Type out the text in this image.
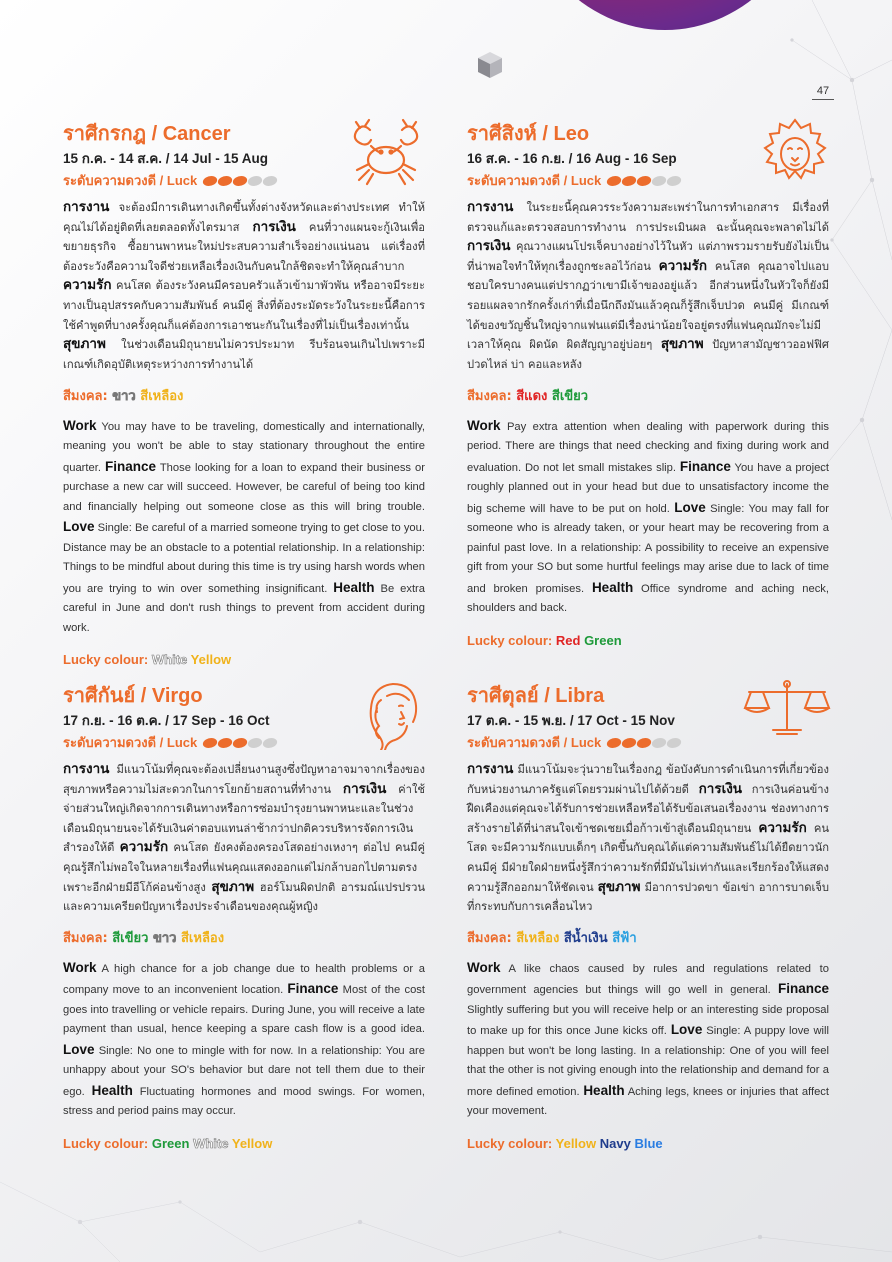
47
ราศีกรกฎ / Cancer
15 ก.ค. - 14 ส.ค. / 14 Jul - 15 Aug
ระดับความดวงดี / Luck

การงาน จะต้องมีการเดินทางเกิดขึ้นทั้งต่างจังหวัดและต่างประเทศ ทำให้คุณไม่ได้อยู่ติดที่เลยตลอดทั้งไตรมาส การเงิน คนที่วางแผนจะกู้เงินเพื่อขยายธุรกิจ ซื้อยานพาหนะใหม่ประสบความสำเร็จอย่างแน่นอน แต่เรื่องที่ต้องระวังคือความใจดีช่วยเหลือเรื่องเงินกับคนใกล้ชิดจะทำให้คุณลำบาก ความรัก คนโสด ต้องระวังคนมีครอบครัวแล้วเข้ามาพัวพัน หรืออาจมีระยะทางเป็นอุปสรรคกับความสัมพันธ์ คนมีคู่ สิ่งที่ต้องระมัดระวังในระยะนี้คือการใช้คำพูดที่บางครั้งคุณก็แค่ต้องการเอาชนะกันในเรื่องที่ไม่เป็นเรื่องเท่านั้น สุขภาพ ในช่วงเดือนมิถุนายนไม่ควรประมาท รีบร้อนจนเกินไปเพราะมีเกณฑ์เกิดอุบัติเหตุระหว่างการทำงานได้

สีมงคล: ขาว สีเหลือง

Work You may have to be traveling, domestically and internationally, meaning you won't be able to stay stationary throughout the entire quarter. Finance Those looking for a loan to expand their business or purchase a new car will succeed. However, be careful of being too kind and financially helping out someone close as this will bring trouble. Love Single: Be careful of a married someone trying to get close to you. Distance may be an obstacle to a potential relationship. In a relationship: Things to be mindful about during this time is try using harsh words when you are trying to win over something insignificant. Health Be extra careful in June and don't rush things to prevent from accident during work.

Lucky colour: White Yellow
ราศีสิงห์ / Leo
16 ส.ค. - 16 ก.ย. / 16 Aug - 16 Sep
ระดับความดวงดี / Luck

การงาน ในระยะนี้คุณควรระวังความสะเพร่าในการทำเอกสาร มีเรื่องที่ตรวจแก้และตรวจสอบการทำงาน การประเมินผล ฉะนั้นคุณจะพลาดไม่ได้ การเงิน คุณวางแผนโปรเจ็คบางอย่างไว้ในหัว แต่ภาพรวมรายรับยังไม่เป็นที่น่าพอใจทำให้ทุกเรื่องถูกชะลอไว้ก่อน ความรัก คนโสด คุณอาจไปแอบชอบใครบางคนแต่ปรากฏว่าเขามีเจ้าของอยู่แล้ว อีกส่วนหนึ่งในหัวใจก็ยังมีรอยแผลจากรักครั้งเก่าที่เมื่อนึกถึงมันแล้วคุณก็รู้สึกเจ็บปวด คนมีคู่ มีเกณฑ์ได้ของขวัญชิ้นใหญ่จากแฟนแต่มีเรื่องน่าน้อยใจอยู่ตรงที่แฟนคุณมักจะไม่มีเวลาให้คุณ ผิดนัด ผิดสัญญาอยู่บ่อยๆ สุขภาพ ปัญหาสามัญชาวออฟฟิศ ปวดไหล่ บ่า คอและหลัง

สีมงคล: สีแดง สีเขียว

Work Pay extra attention when dealing with paperwork during this period. There are things that need checking and fixing during work and evaluation. Do not let small mistakes slip. Finance You have a project roughly planned out in your head but due to unsatisfactory income the big scheme will have to be put on hold. Love Single: You may fall for someone who is already taken, or your heart may be recovering from a painful past love. In a relationship: A possibility to receive an expensive gift from your SO but some hurtful feelings may arise due to lack of time and broken promises. Health Office syndrome and aching neck, shoulders and back.

Lucky colour: Red Green
ราศีกันย์ / Virgo
17 ก.ย. - 16 ต.ค. / 17 Sep - 16 Oct
ระดับความดวงดี / Luck

การงาน มีแนวโน้มที่คุณจะต้องเปลี่ยนงานสูงซึ่งปัญหาอาจมาจากเรื่องของสุขภาพหรือความไม่สะดวกในการโยกย้ายสถานที่ทำงาน การเงิน ค่าใช้จ่ายส่วนใหญ่เกิดจากการเดินทางหรือการซ่อมบำรุงยานพาหนะและในช่วงเดือนมิถุนายนจะได้รับเงินค่าตอบแทนล่าช้ากว่าปกติควรบริหารจัดการเงินสำรองให้ดี ความรัก คนโสด ยังคงต้องครองโสดอย่างเหงาๆ ต่อไป คนมีคู่ คุณรู้สึกไม่พอใจในหลายเรื่องที่แฟนคุณแสดงออกแต่ไม่กล้าบอกไปตามตรงเพราะอีกฝ่ายมีอีโก้ค่อนข้างสูง สุขภาพ ฮอร์โมนผิดปกติ อารมณ์แปรปรวน และความเครียดปัญหาเรื่องประจำเดือนของคุณผู้หญิง

สีมงคล: สีเขียว ขาว สีเหลือง

Work A high chance for a job change due to health problems or a company move to an inconvenient location. Finance Most of the cost goes into travelling or vehicle repairs. During June, you will receive a late payment than usual, hence keeping a spare cash flow is a good idea. Love Single: No one to mingle with for now. In a relationship: You are unhappy about your SO's behavior but dare not tell them due to their ego. Health Fluctuating hormones and mood swings. For women, stress and period pains may occur.

Lucky colour: Green White Yellow
ราศีตุลย์ / Libra
17 ต.ค. - 15 พ.ย. / 17 Oct - 15 Nov
ระดับความดวงดี / Luck

การงาน มีแนวโน้มจะวุ่นวายในเรื่องกฎ ข้อบังคับการดำเนินการที่เกี่ยวข้องกับหน่วยงานภาครัฐแต่โดยรวมผ่านไปได้ด้วยดี การเงิน การเงินค่อนข้างฝืดเคืองแต่คุณจะได้รับการช่วยเหลือหรือได้รับข้อเสนอเรื่องงาน ช่องทางการสร้างรายได้ที่น่าสนใจเข้าชดเชยเมื่อก้าวเข้าสู่เดือนมิถุนายน ความรัก คนโสด จะมีความรักแบบเด็กๆ เกิดขึ้นกับคุณได้แต่ความสัมพันธ์ไม่ได้ยืดยาวนัก คนมีคู่ มีฝ่ายใดฝ่ายหนึ่งรู้สึกว่าความรักที่มีมันไม่เท่ากันและเรียกร้องให้แสดงความรู้สึกออกมาให้ชัดเจน สุขภาพ มีอาการปวดขา ข้อเข่า อาการบาดเจ็บที่กระทบกับการเคลื่อนไหว

สีมงคล: สีเหลือง สีน้ำเงิน สีฟ้า

Work A like chaos caused by rules and regulations related to government agencies but things will go well in general. Finance Slightly suffering but you will receive help or an interesting side proposal to make up for this once June kicks off. Love Single: A puppy love will happen but won't be long lasting. In a relationship: One of you will feel that the other is not giving enough into the relationship and demand for a more defined emotion. Health Aching legs, knees or injuries that affect your movement.

Lucky colour: Yellow Navy Blue
